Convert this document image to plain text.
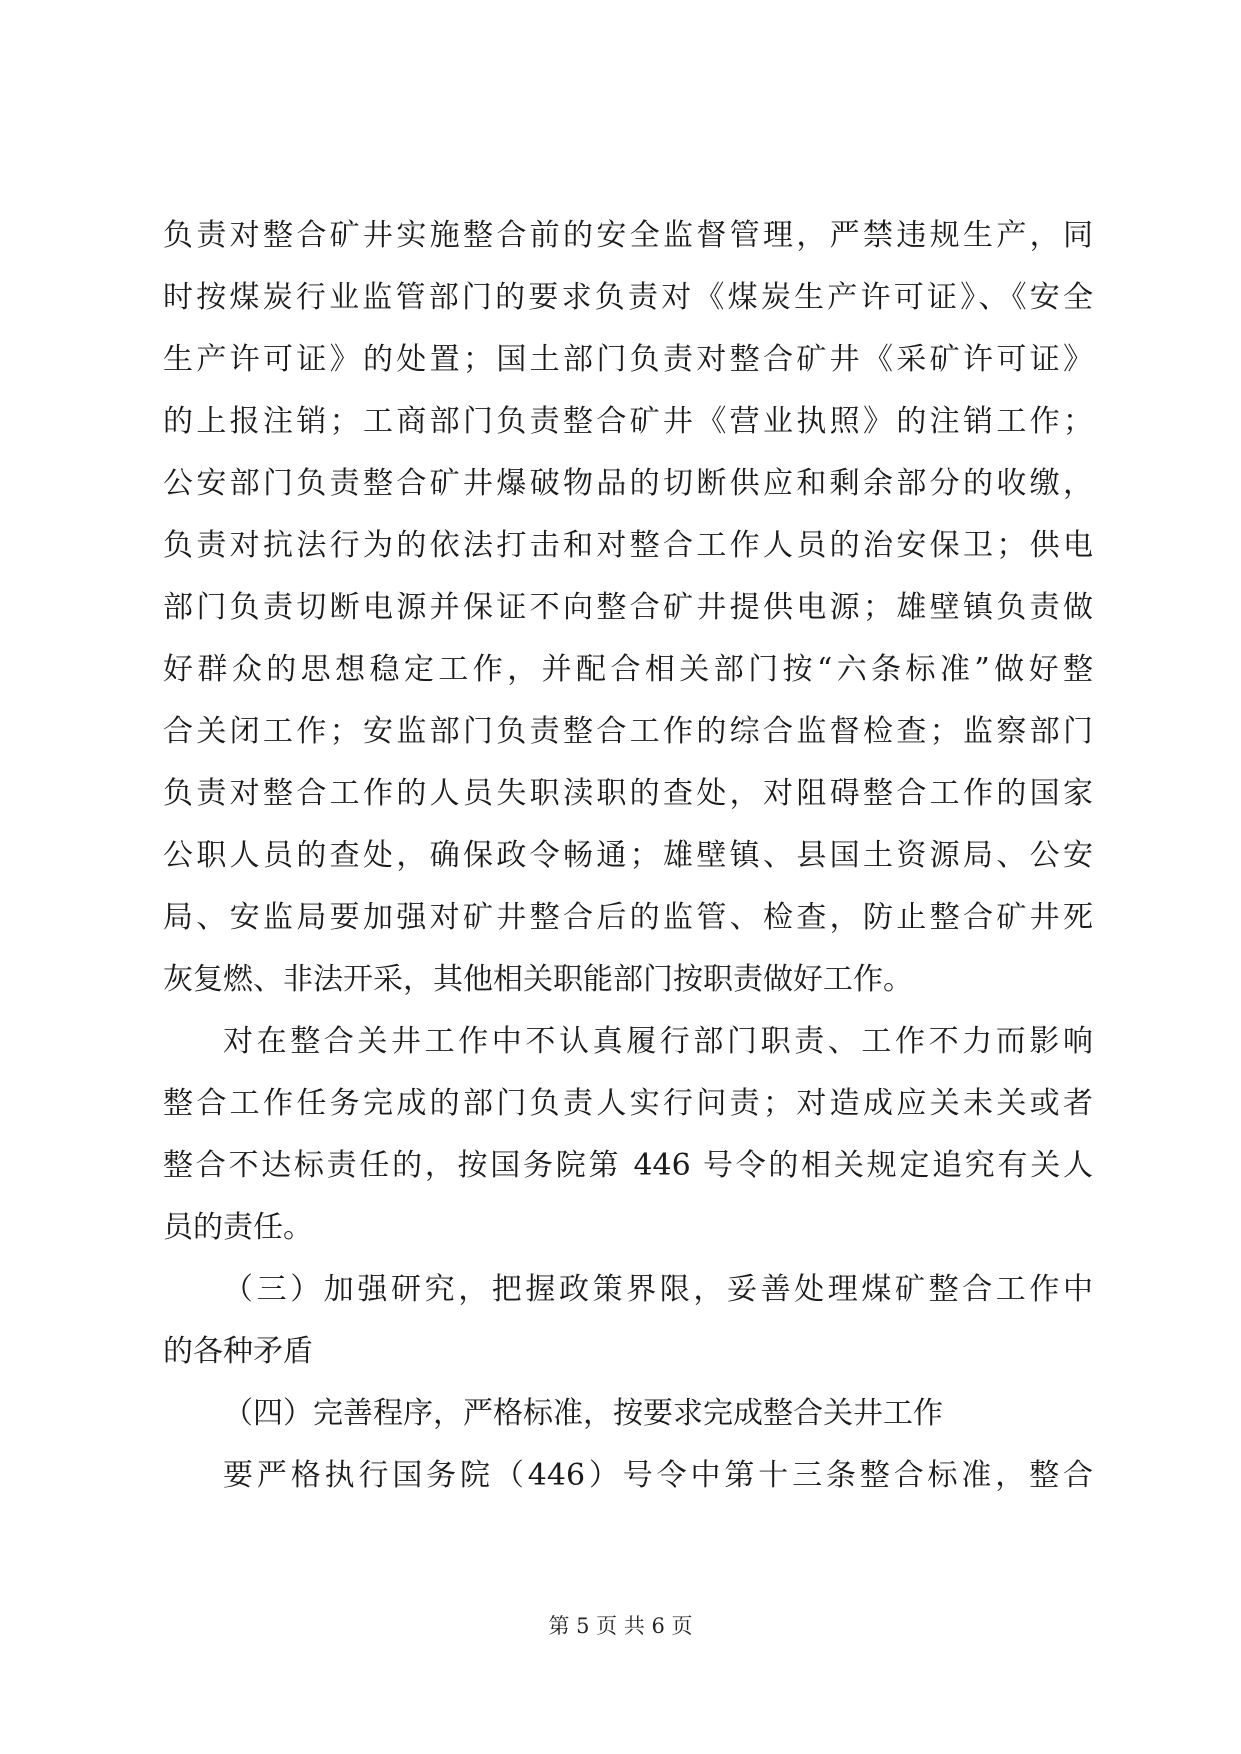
负责对整合矿井实施整合前的安全监督管理，严禁违规生产，同
时按煤炭行业监管部门的要求负责对《煤炭生产许可证》、《安全
生产许可证》的处置；国土部门负责对整合矿井《采矿许可证》
的上报注销；工商部门负责整合矿井《营业执照》的注销工作；
公安部门负责整合矿井爆破物品的切断供应和剩余部分的收缴，
负责对抗法行为的依法打击和对整合工作人员的治安保卫；供电
部门负责切断电源并保证不向整合矿井提供电源；雄壁镇负责做
好群众的思想稳定工作，并配合相关部门按“六条标准”做好整
合关闭工作；安监部门负责整合工作的综合监督检查；监察部门
负责对整合工作的人员失职渎职的查处，对阻碍整合工作的国家
公职人员的查处，确保政令畅通；雄壁镇、县国土资源局、公安
局、安监局要加强对矿井整合后的监管、检查，防止整合矿井死
灰复燃、非法开采，其他相关职能部门按职责做好工作。
对在整合关井工作中不认真履行部门职责、工作不力而影响
整合工作任务完成的部门负责人实行问责；对造成应关未关或者
整合不达标责任的，按国务院第 446 号令的相关规定追究有关人
员的责任。
（三）加强研究，把握政策界限，妥善处理煤矿整合工作中
的各种矛盾
（四）完善程序，严格标准，按要求完成整合关井工作
要严格执行国务院（446）号令中第十三条整合标准，整合
第 5 页 共 6 页
